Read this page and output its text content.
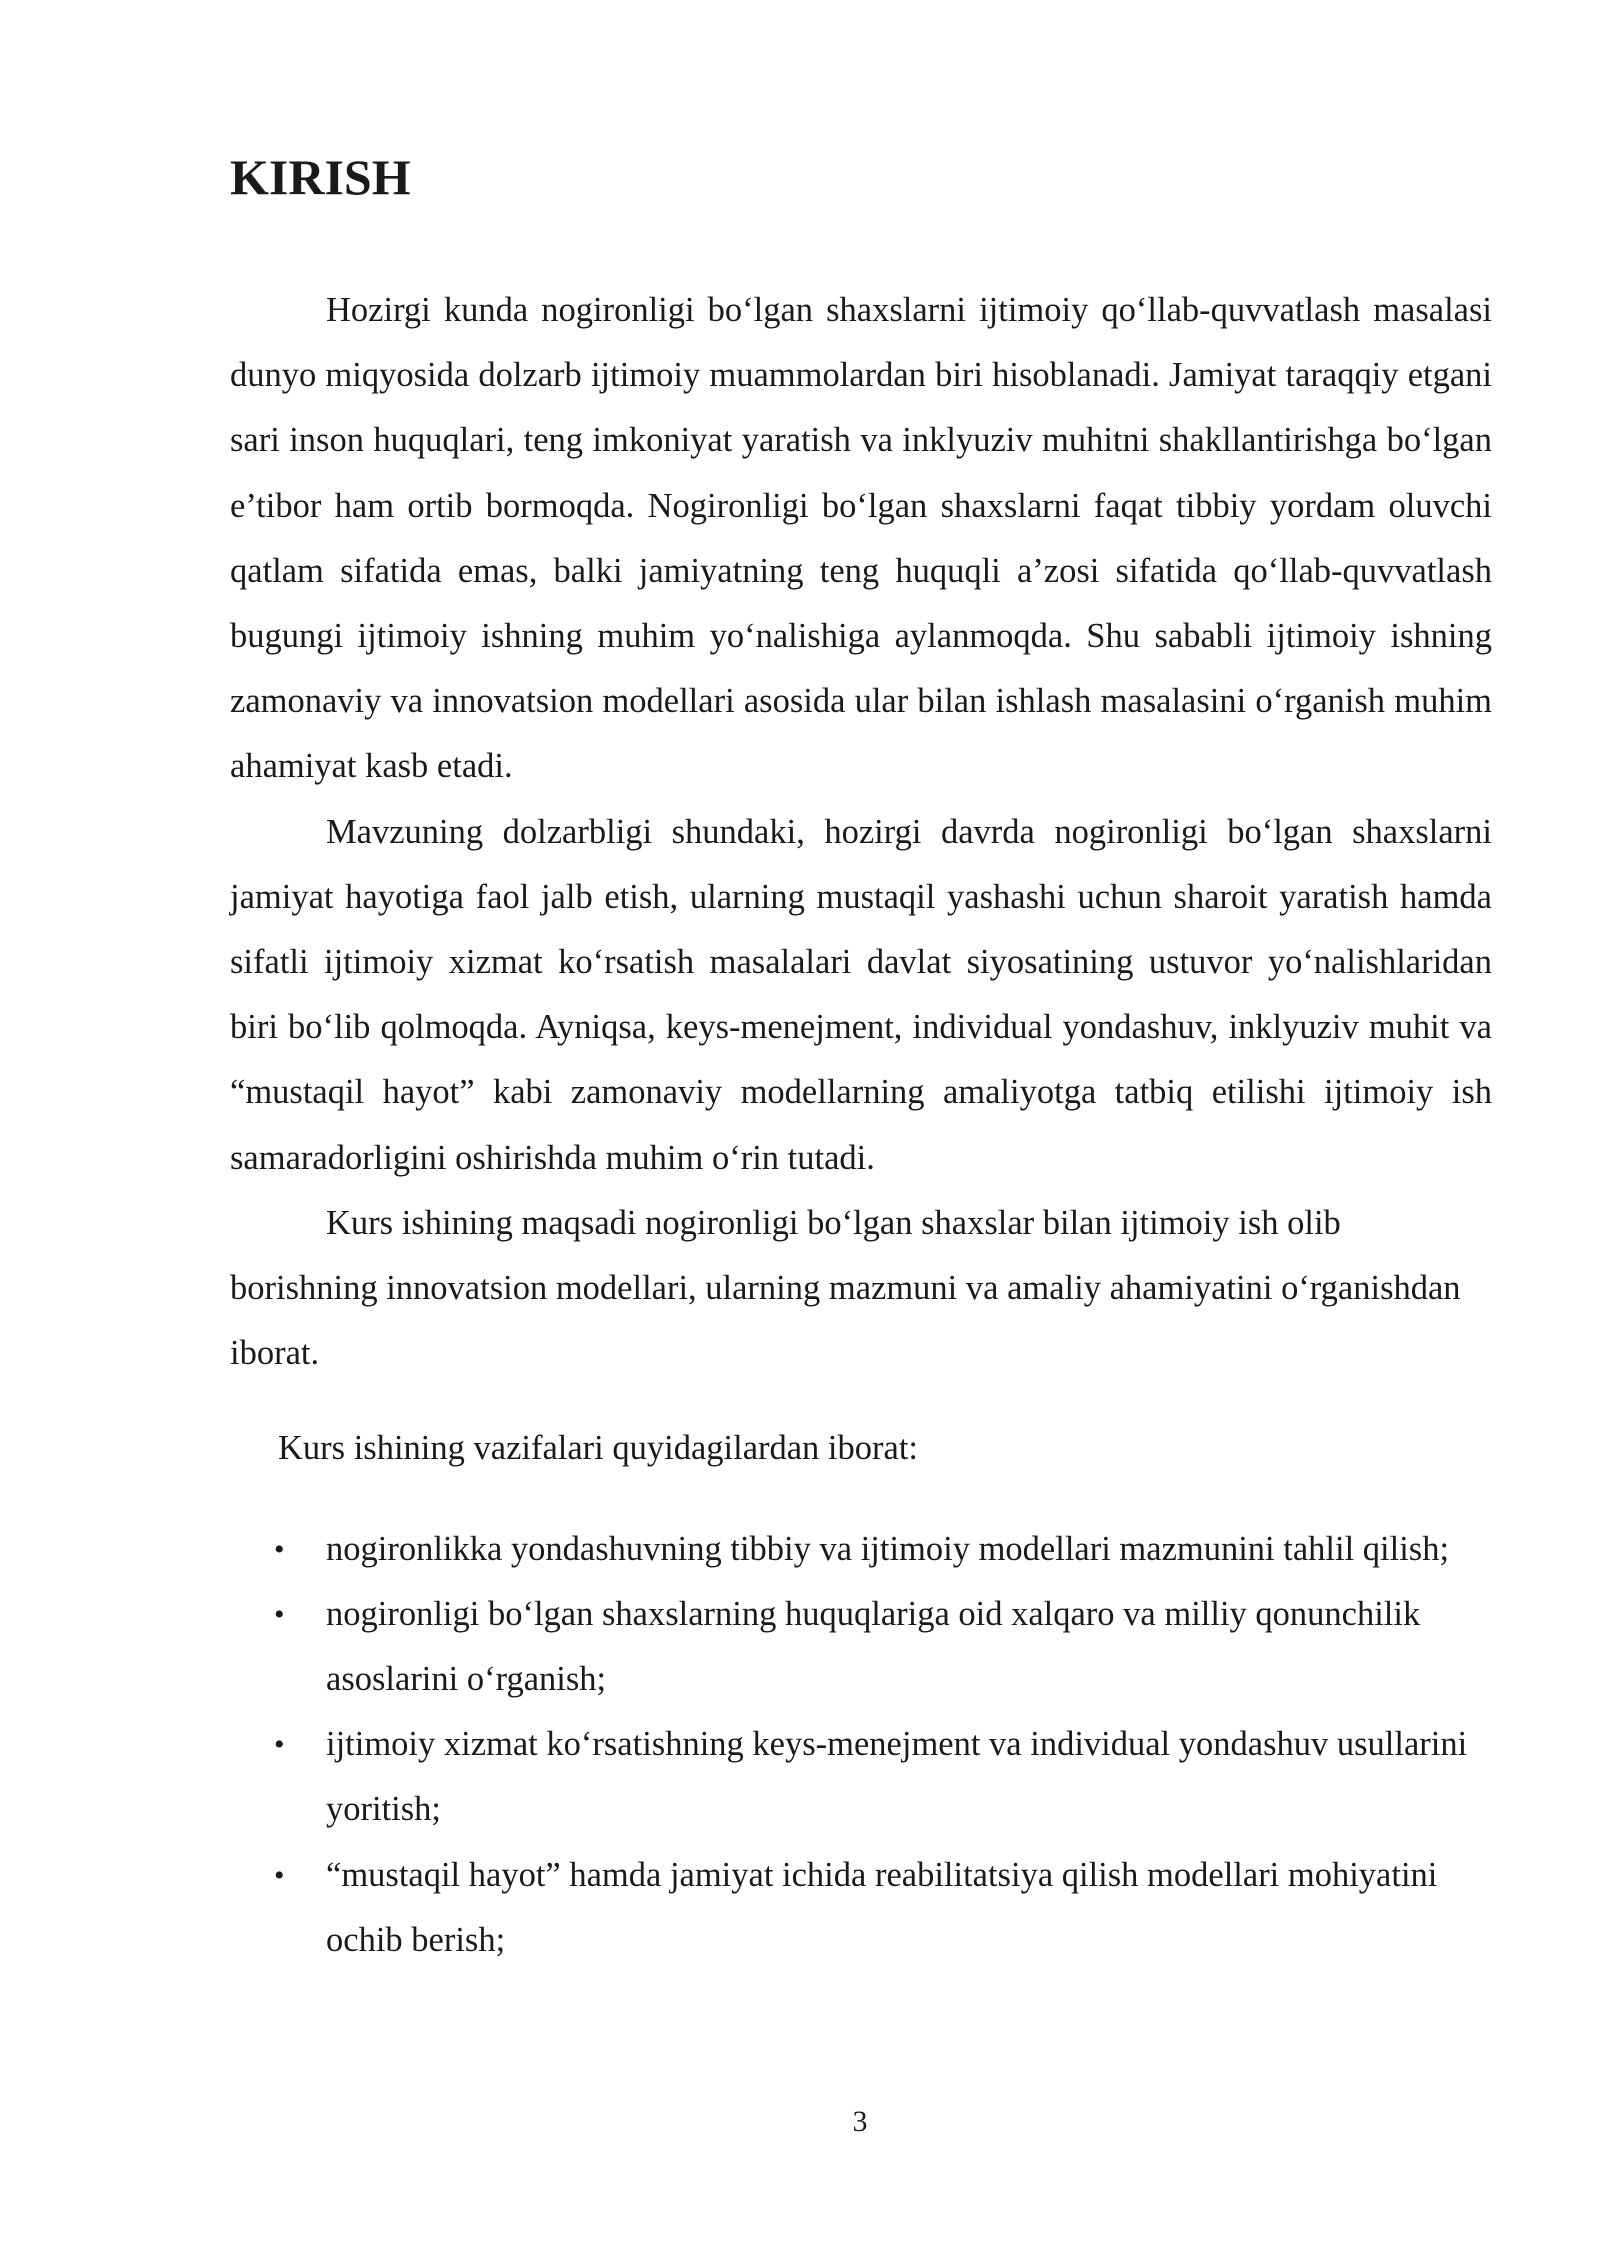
KIRISH

Hozirgi kunda nogironligi bo‘lgan shaxslarni ijtimoiy qo‘llab-quvvatlash masalasi dunyo miqyosida dolzarb ijtimoiy muammolardan biri hisoblanadi. Jamiyat taraqqiy etgani sari inson huquqlari, teng imkoniyat yaratish va inklyuziv muhitni shakllantirishga bo‘lgan e’tibor ham ortib bormoqda. Nogironligi bo‘lgan shaxslarni faqat tibbiy yordam oluvchi qatlam sifatida emas, balki jamiyatning teng huquqli a’zosi sifatida qo‘llab-quvvatlash bugungi ijtimoiy ishning muhim yo‘nalishiga aylanmoqda. Shu sababli ijtimoiy ishning zamonaviy va innovatsion modellari asosida ular bilan ishlash masalasini o‘rganish muhim ahamiyat kasb etadi.

Mavzuning dolzarbligi shundaki, hozirgi davrda nogironligi bo‘lgan shaxslarni jamiyat hayotiga faol jalb etish, ularning mustaqil yashashi uchun sharoit yaratish hamda sifatli ijtimoiy xizmat ko‘rsatish masalalari davlat siyosatining ustuvor yo‘nalishlaridan biri bo‘lib qolmoqda. Ayniqsa, keys-menejment, individual yondashuv, inklyuziv muhit va “mustaqil hayot” kabi zamonaviy modellarning amaliyotga tatbiq etilishi ijtimoiy ish samaradorligini oshirishda muhim o‘rin tutadi.

Kurs ishining maqsadi nogironligi bo‘lgan shaxslar bilan ijtimoiy ish olib borishning innovatsion modellari, ularning mazmuni va amaliy ahamiyatini o‘rganishdan iborat.

Kurs ishining vazifalari quyidagilardan iborat:

• nogironlikka yondashuvning tibbiy va ijtimoiy modellari mazmunini tahlil qilish;
• nogironligi bo‘lgan shaxslarning huquqlariga oid xalqaro va milliy qonunchilik asoslarini o‘rganish;
• ijtimoiy xizmat ko‘rsatishning keys-menejment va individual yondashuv usullarini yoritish;
• “mustaqil hayot” hamda jamiyat ichida reabilitatsiya qilish modellari mohiyatini ochib berish;
3
